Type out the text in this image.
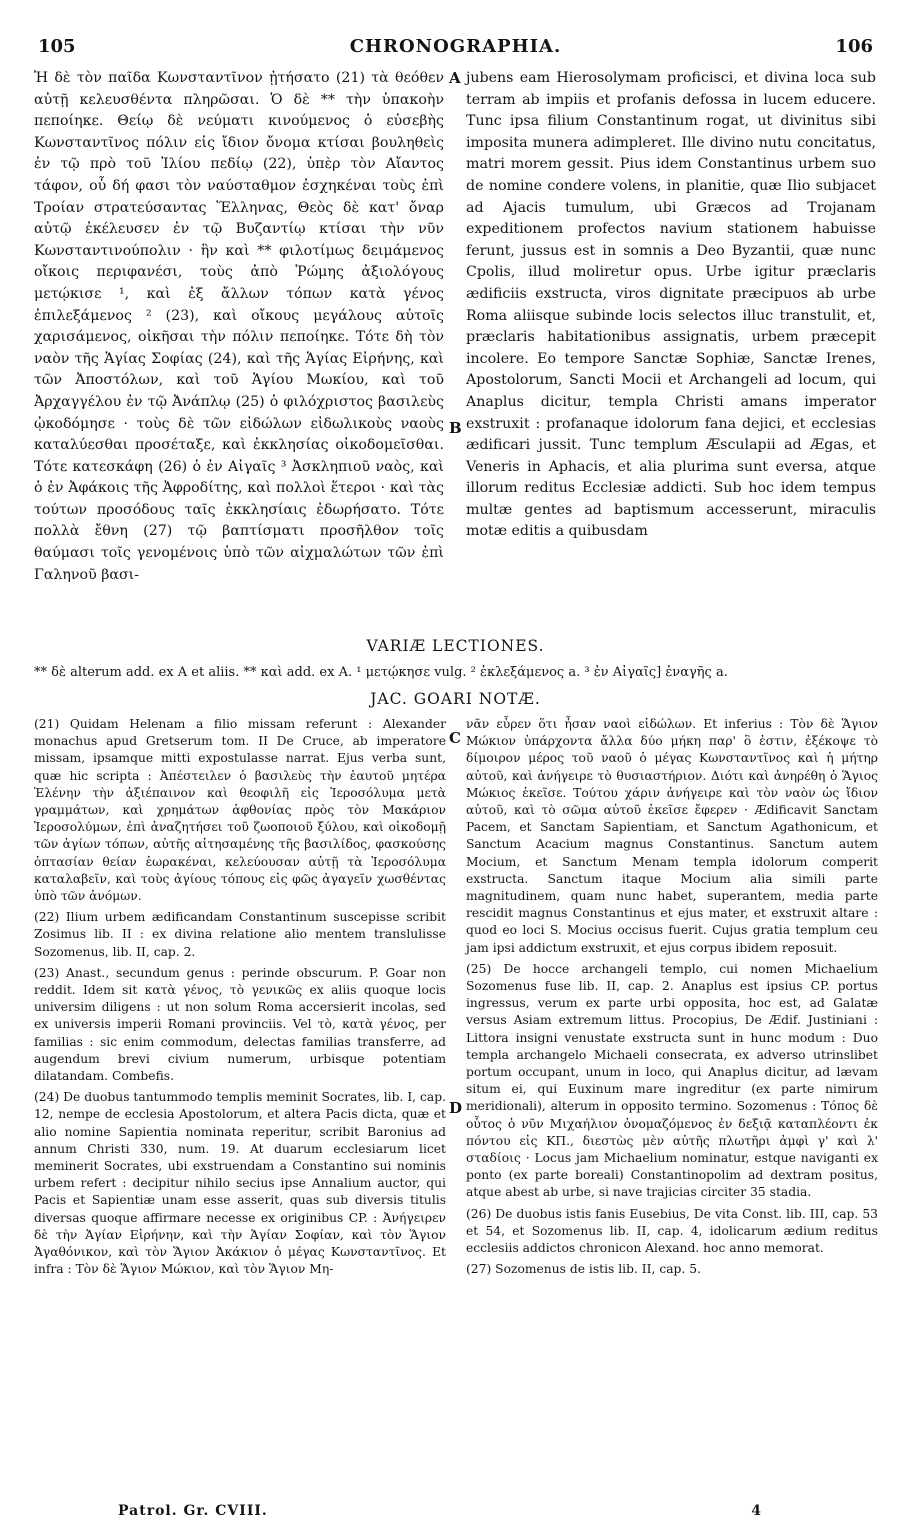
105	CHRONOGRAPHIA.	106

Ἡ δὲ τὸν παῖδα Κωνσταντῖνον ᾐτήσατο (21) τὰ θεόθεν αὐτῇ κελευσθέντα πληρῶσαι. Ὁ δὲ ** τὴν ὑπακοὴν πεποίηκε. Θείῳ δὲ νεύματι κινούμενος ὁ εὐσεβὴς Κωνσταντῖνος πόλιν εἰς ἴδιον ὄνομα κτίσαι βουληθεὶς ἐν τῷ πρὸ τοῦ Ἰλίου πεδίῳ (22), ὑπὲρ τὸν Αἴαντος τάφον, οὗ δή φασι τὸν ναύσταθμον ἐσχηκέναι τοὺς ἐπὶ Τροίαν στρατεύσαντας Ἕλληνας, Θεὸς δὲ κατ' ὄναρ αὐτῷ ἐκέλευσεν ἐν τῷ Βυζαντίῳ κτίσαι τὴν νῦν Κωνσταντινούπολιν · ἣν καὶ ** φιλοτίμως δειμάμενος οἴκοις περιφανέσι, τοὺς ἀπὸ Ῥώμης ἀξιολόγους μετῴκισε ¹, καὶ ἐξ ἄλλων τόπων κατὰ γένος ἐπιλεξάμενος ² (23), καὶ οἴκους μεγάλους αὐτοῖς χαρισάμενος, οἰκῆσαι τὴν πόλιν πεποίηκε. Τότε δὴ τὸν ναὸν τῆς Ἁγίας Σοφίας (24), καὶ τῆς Ἁγίας Εἰρήνης, καὶ τῶν Ἀποστόλων, καὶ τοῦ Ἁγίου Μωκίου, καὶ τοῦ Ἀρχαγγέλου ἐν τῷ Ἀνάπλῳ (25) ὁ φιλόχριστος βασιλεὺς ᾠκοδόμησε · τοὺς δὲ τῶν εἰδώλων εἰδωλικοὺς ναοὺς καταλύεσθαι προσέταξε, καὶ ἐκκλησίας οἰκοδομεῖσθαι. Τότε κατεσκάφη (26) ὁ ἐν Αἰγαῖς ³ Ἀσκληπιοῦ ναὸς, καὶ ὁ ἐν Ἀφάκοις τῆς Ἀφροδίτης, καὶ πολλοὶ ἕτεροι · καὶ τὰς τούτων προσόδους ταῖς ἐκκλησίαις ἐδωρήσατο. Τότε πολλὰ ἔθνη (27) τῷ βαπτίσματι προσῆλθον τοῖς θαύμασι τοῖς γενομένοις ὑπὸ τῶν αἰχμαλώτων τῶν ἐπὶ Γαληνοῦ βασι-

A
B

jubens eam Hierosolymam proficisci, et divina loca sub terram ab impiis et profanis defossa in lucem educere. Tunc ipsa filium Constantinum rogat, ut divinitus sibi imposita munera adimpleret. Ille divino nutu concitatus, matri morem gessit. Pius idem Constantinus urbem suo de nomine condere volens, in planitie, quæ Ilio subjacet ad Ajacis tumulum, ubi Græcos ad Trojanam expeditionem profectos navium stationem habuisse ferunt, jussus est in somnis a Deo Byzantii, quæ nunc Cpolis, illud moliretur opus. Urbe igitur præclaris ædificiis exstructa, viros dignitate præcipuos ab urbe Roma aliisque subinde locis selectos illuc transtulit, et, præclaris habitationibus assignatis, urbem præcepit incolere. Eo tempore Sanctæ Sophiæ, Sanctæ Irenes, Apostolorum, Sancti Mocii et Archangeli ad locum, qui Anaplus dicitur, templa Christi amans imperator exstruxit : profanaque idolorum fana dejici, et ecclesias ædificari jussit. Tunc templum Æsculapii ad Ægas, et Veneris in Aphacis, et alia plurima sunt eversa, atque illorum reditus Ecclesiæ addicti. Sub hoc idem tempus multæ gentes ad baptismum accesserunt, miraculis motæ editis a quibusdam

VARIÆ LECTIONES.
** δὲ alterum add. ex A et aliis. ** καὶ add. ex A. ¹ μετῴκησε vulg. ² ἐκλεξάμενος a. ³ ἐν Αἰγαῖς] ἐναγῆς a.
JAC. GOARI NOTÆ.

(21) Quidam Helenam a filio missam referunt : Alexander monachus apud Gretserum tom. II De Cruce, ab imperatore missam, ipsamque mitti expostulasse narrat. Ejus verba sunt, quæ hic scripta : Ἀπέστειλεν ὁ βασιλεὺς τὴν ἑαυτοῦ μητέρα Ἑλένην τὴν ἀξιέπαινον καὶ θεοφιλῆ εἰς Ἱεροσόλυμα μετὰ γραμμάτων, καὶ χρημάτων ἀφθονίας πρὸς τὸν Μακάριον Ἱεροσολύμων, ἐπὶ ἀναζητήσει τοῦ ζωοποιοῦ ξύλου, καὶ οἰκοδομῇ τῶν ἁγίων τόπων, αὐτῆς αἰτησαμένης τῆς βασιλίδος, φασκούσης ὀπτασίαν θείαν ἑωρακέναι, κελεύουσαν αὐτῇ τὰ Ἱεροσόλυμα καταλαβεῖν, καὶ τοὺς ἁγίους τόπους εἰς φῶς ἀγαγεῖν χωσθέντας ὑπὸ τῶν ἀνόμων.

(22) Ilium urbem ædificandam Constantinum suscepisse scribit Zosimus lib. II : ex divina relatione alio mentem translulisse Sozomenus, lib. II, cap. 2.

(23) Anast., secundum genus : perinde obscurum. P. Goar non reddit. Idem sit κατὰ γένος, τὸ γενικῶς ex aliis quoque locis universim diligens : ut non solum Roma accersierit incolas, sed ex universis imperii Romani provinciis. Vel τὸ, κατὰ γένος, per familias : sic enim commodum, delectas familias transferre, ad augendum brevi civium numerum, urbisque potentiam dilatandam. Combefis.

(24) De duobus tantummodo templis meminit Socrates, lib. I, cap. 12, nempe de ecclesia Apostolorum, et altera Pacis dicta, quæ et alio nomine Sapientia nominata reperitur, scribit Baronius ad annum Christi 330, num. 19. At duarum ecclesiarum licet meminerit Socrates, ubi exstruendam a Constantino sui nominis urbem refert : decipitur nihilo secius ipse Annalium auctor, qui Pacis et Sapientiæ unam esse asserit, quas sub diversis titulis diversas quoque affirmare necesse ex originibus CP. : Ἀνήγειρεν δὲ τὴν Ἁγίαν Εἰρήνην, καὶ τὴν Ἁγίαν Σοφίαν, καὶ τὸν Ἅγιον Ἀγαθόνικον, καὶ τὸν Ἅγιον Ἀκάκιον ὁ μέγας Κωνσταντῖνος. Et infra : Τὸν δὲ Ἅγιον Μώκιον, καὶ τὸν Ἅγιον Μη-

C
D

νᾶν εὗρεν ὅτι ἦσαν ναοὶ εἰδώλων. Et inferius : Τὸν δὲ Ἅγιον Μώκιον ὑπάρχοντα ἄλλα δύο μήκη παρ' ὃ ἐστιν, ἐξέκοψε τὸ δίμοιρον μέρος τοῦ ναοῦ ὁ μέγας Κωνσταντῖνος καὶ ἡ μήτηρ αὐτοῦ, καὶ ἀνήγειρε τὸ θυσιαστήριον. Διότι καὶ ἀνηρέθη ὁ Ἅγιος Μώκιος ἐκεῖσε. Τούτου χάριν ἀνήγειρε καὶ τὸν ναὸν ὡς ἴδιον αὐτοῦ, καὶ τὸ σῶμα αὐτοῦ ἐκεῖσε ἔφερεν · Ædificavit Sanctam Pacem, et Sanctam Sapientiam, et Sanctum Agathonicum, et Sanctum Acacium magnus Constantinus. Sanctum autem Mocium, et Sanctum Menam templa idolorum comperit exstructa. Sanctum itaque Mocium alia simili parte magnitudinem, quam nunc habet, superantem, media parte rescidit magnus Constantinus et ejus mater, et exstruxit altare : quod eo loci S. Mocius occisus fuerit. Cujus gratia templum ceu jam ipsi addictum exstruxit, et ejus corpus ibidem reposuit.

(25) De hocce archangeli templo, cui nomen Michaelium Sozomenus fuse lib. II, cap. 2. Anaplus est ipsius CP. portus ingressus, verum ex parte urbi opposita, hoc est, ad Galatæ versus Asiam extremum littus. Procopius, De Ædif. Justiniani : Littora insigni venustate exstructa sunt in hunc modum : Duo templa archangelo Michaeli consecrata, ex adverso utrinslibet portum occupant, unum in loco, qui Anaplus dicitur, ad lævam situm ei, qui Euxinum mare ingreditur (ex parte nimirum meridionali), alterum in opposito termino. Sozomenus : Τόπος δὲ οὗτος ὁ νῦν Μιχαήλιον ὀνομαζόμενος ἐν δεξιᾷ καταπλέοντι ἐκ πόντου εἰς ΚΠ., διεστὼς μὲν αὐτῆς πλωτῆρι ἀμφὶ γ' καὶ λ' σταδίοις · Locus jam Michaelium nominatur, estque naviganti ex ponto (ex parte boreali) Constantinopolim ad dextram positus, atque abest ab urbe, si nave trajicias circiter 35 stadia.

(26) De duobus istis fanis Eusebius, De vita Const. lib. III, cap. 53 et 54, et Sozomenus lib. II, cap. 4, idolicarum ædium reditus ecclesiis addictos chronicon Alexand. hoc anno memorat.

(27) Sozomenus de istis lib. II, cap. 5.

Patrol. Gr. CVIII.	4
